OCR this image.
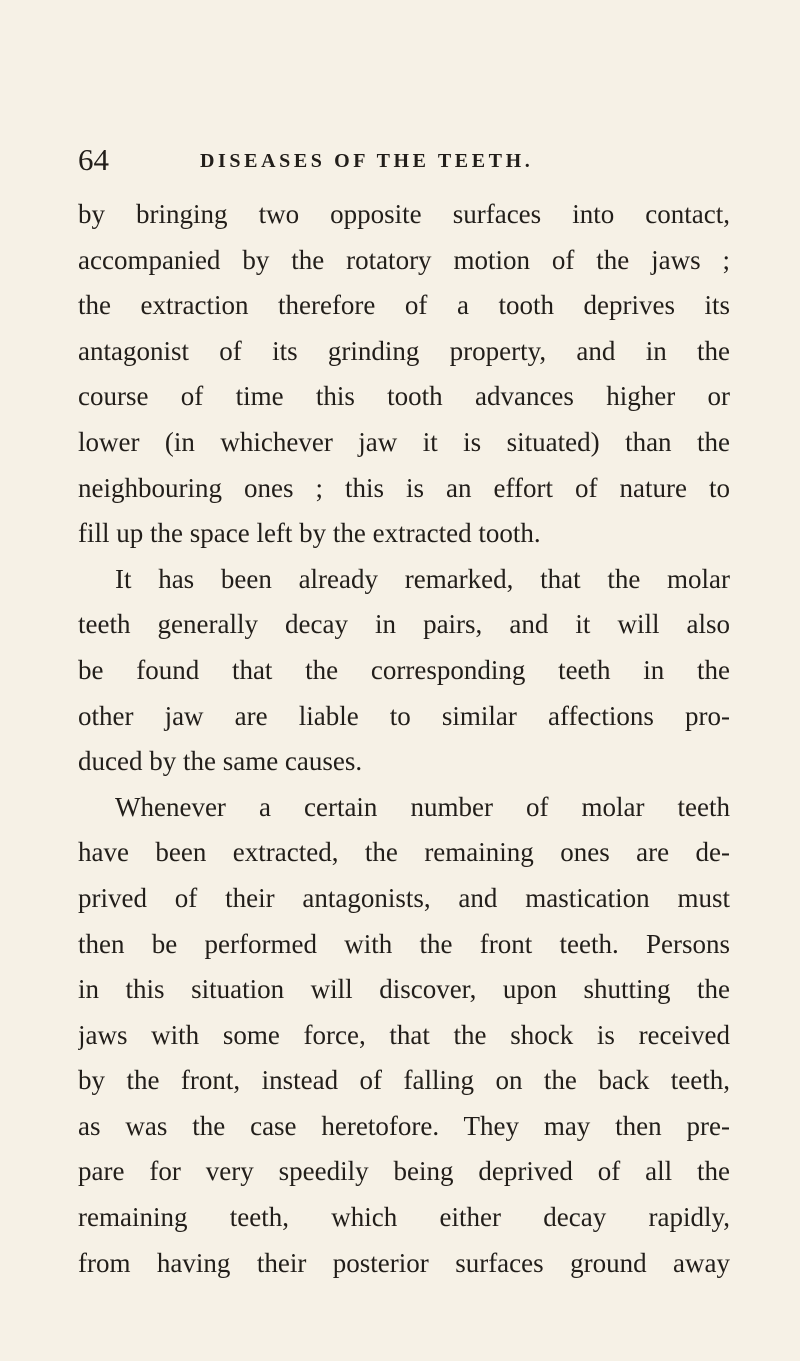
64	DISEASES OF THE TEETH.
by bringing two opposite surfaces into contact,
accompanied by the rotatory motion of the jaws ;
the extraction therefore of a tooth deprives its
antagonist of its grinding property, and in the
course of time this tooth advances higher or
lower (in whichever jaw it is situated) than the
neighbouring ones ; this is an effort of nature to
fill up the space left by the extracted tooth.
It has been already remarked, that the molar
teeth generally decay in pairs, and it will also
be found that the corresponding teeth in the
other jaw are liable to similar affections pro-
duced by the same causes.
Whenever a certain number of molar teeth
have been extracted, the remaining ones are de-
prived of their antagonists, and mastication must
then be performed with the front teeth. Persons
in this situation will discover, upon shutting the
jaws with some force, that the shock is received
by the front, instead of falling on the back teeth,
as was the case heretofore. They may then pre-
pare for very speedily being deprived of all the
remaining teeth, which either decay rapidly,
from having their posterior surfaces ground away
